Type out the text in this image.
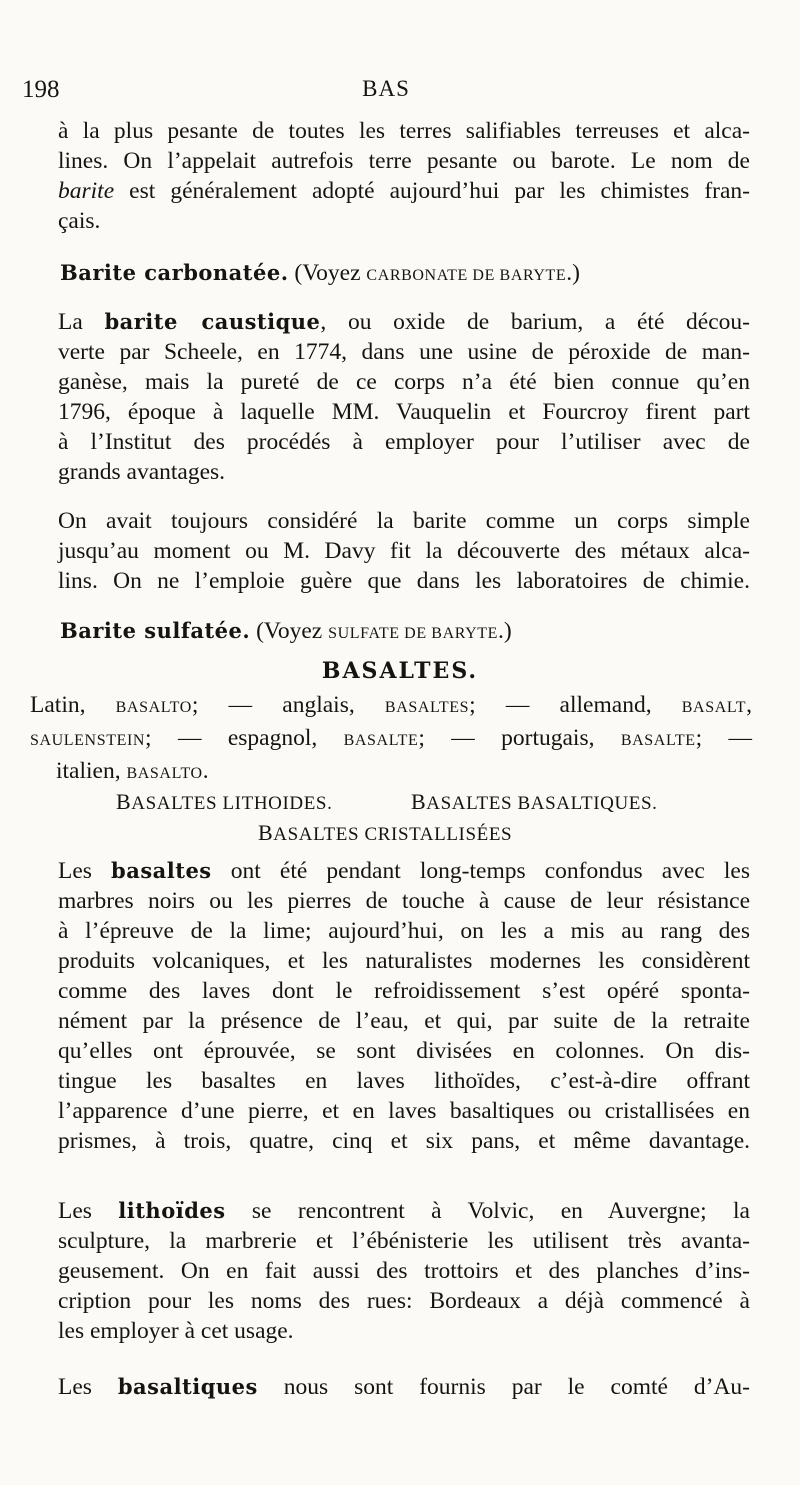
198	BAS
à la plus pesante de toutes les terres salifiables terreuses et alca-
lines. On l’appelait autrefois terre pesante ou barote. Le nom de
barite est généralement adopté aujourd’hui par les chimistes fran-
çais.
Barite carbonatée. (Voyez CARBONATE DE BARYTE.)
La barite caustique, ou oxide de barium, a été décou-
verte par Scheele, en 1774, dans une usine de péroxide de man-
ganèse, mais la pureté de ce corps n’a été bien connue qu’en
1796, époque à laquelle MM. Vauquelin et Fourcroy firent part
à l’Institut des procédés à employer pour l’utiliser avec de
grands avantages.
On avait toujours considéré la barite comme un corps simple
jusqu’au moment ou M. Davy fit la découverte des métaux alca-
lins. On ne l’emploie guère que dans les laboratoires de chimie.
Barite sulfatée. (Voyez SULFATE DE BARYTE.)
BASALTES.
Latin, BASALTO; — anglais, BASALTES; — allemand, BASALT,
SAULENSTEIN; — espagnol, BASALTE; — portugais, BASALTE; —
italien, BASALTO.
BASALTES LITHOIDES.	BASALTES BASALTIQUES.
BASALTES CRISTALLISÉES
Les basaltes ont été pendant long-temps confondus avec les
marbres noirs ou les pierres de touche à cause de leur résistance
à l’épreuve de la lime; aujourd’hui, on les a mis au rang des
produits volcaniques, et les naturalistes modernes les considèrent
comme des laves dont le refroidissement s’est opéré sponta-
nément par la présence de l’eau, et qui, par suite de la retraite
qu’elles ont éprouvée, se sont divisées en colonnes. On dis-
tingue les basaltes en laves lithoïdes, c’est-à-dire offrant
l’apparence d’une pierre, et en laves basaltiques ou cristallisées en
prismes, à trois, quatre, cinq et six pans, et même davantage.
Les lithoïdes se rencontrent à Volvic, en Auvergne; la
sculpture, la marbrerie et l’ébénisterie les utilisent très avanta-
geusement. On en fait aussi des trottoirs et des planches d’ins-
cription pour les noms des rues: Bordeaux a déjà commencé à
les employer à cet usage.
Les basaltiques nous sont fournis par le comté d’Au-
